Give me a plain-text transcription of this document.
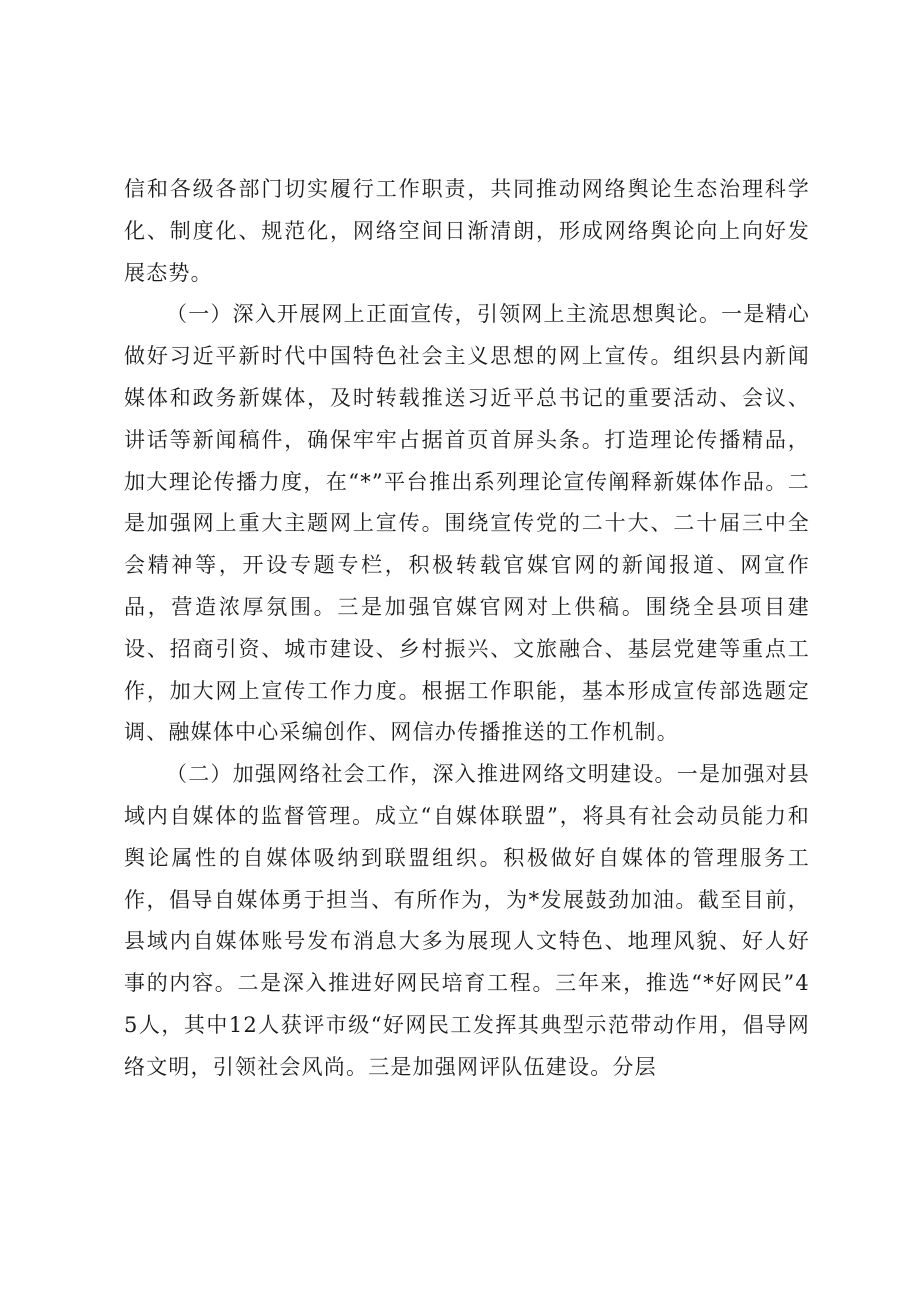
信和各级各部门切实履行工作职责，共同推动网络舆论生态治理科学化、制度化、规范化，网络空间日渐清朗，形成网络舆论向上向好发展态势。

（一）深入开展网上正面宣传，引领网上主流思想舆论。一是精心做好习近平新时代中国特色社会主义思想的网上宣传。组织县内新闻媒体和政务新媒体，及时转载推送习近平总书记的重要活动、会议、讲话等新闻稿件，确保牢牢占据首页首屏头条。打造理论传播精品，加大理论传播力度，在“*”平台推出系列理论宣传阐释新媒体作品。二是加强网上重大主题网上宣传。围绕宣传党的二十大、二十届三中全会精神等，开设专题专栏，积极转载官媒官网的新闻报道、网宣作品，营造浓厚氛围。三是加强官媒官网对上供稿。围绕全县项目建设、招商引资、城市建设、乡村振兴、文旅融合、基层党建等重点工作，加大网上宣传工作力度。根据工作职能，基本形成宣传部选题定调、融媒体中心采编创作、网信办传播推送的工作机制。

（二）加强网络社会工作，深入推进网络文明建设。一是加强对县域内自媒体的监督管理。成立“自媒体联盟”，将具有社会动员能力和舆论属性的自媒体吸纳到联盟组织。积极做好自媒体的管理服务工作，倡导自媒体勇于担当、有所作为，为*发展鼓劲加油。截至目前，县域内自媒体账号发布消息大多为展现人文特色、地理风貌、好人好事的内容。二是深入推进好网民培育工程。三年来，推选“*好网民”45人，其中12人获评市级“好网民工发挥其典型示范带动作用，倡导网络文明，引领社会风尚。三是加强网评队伍建设。分层
